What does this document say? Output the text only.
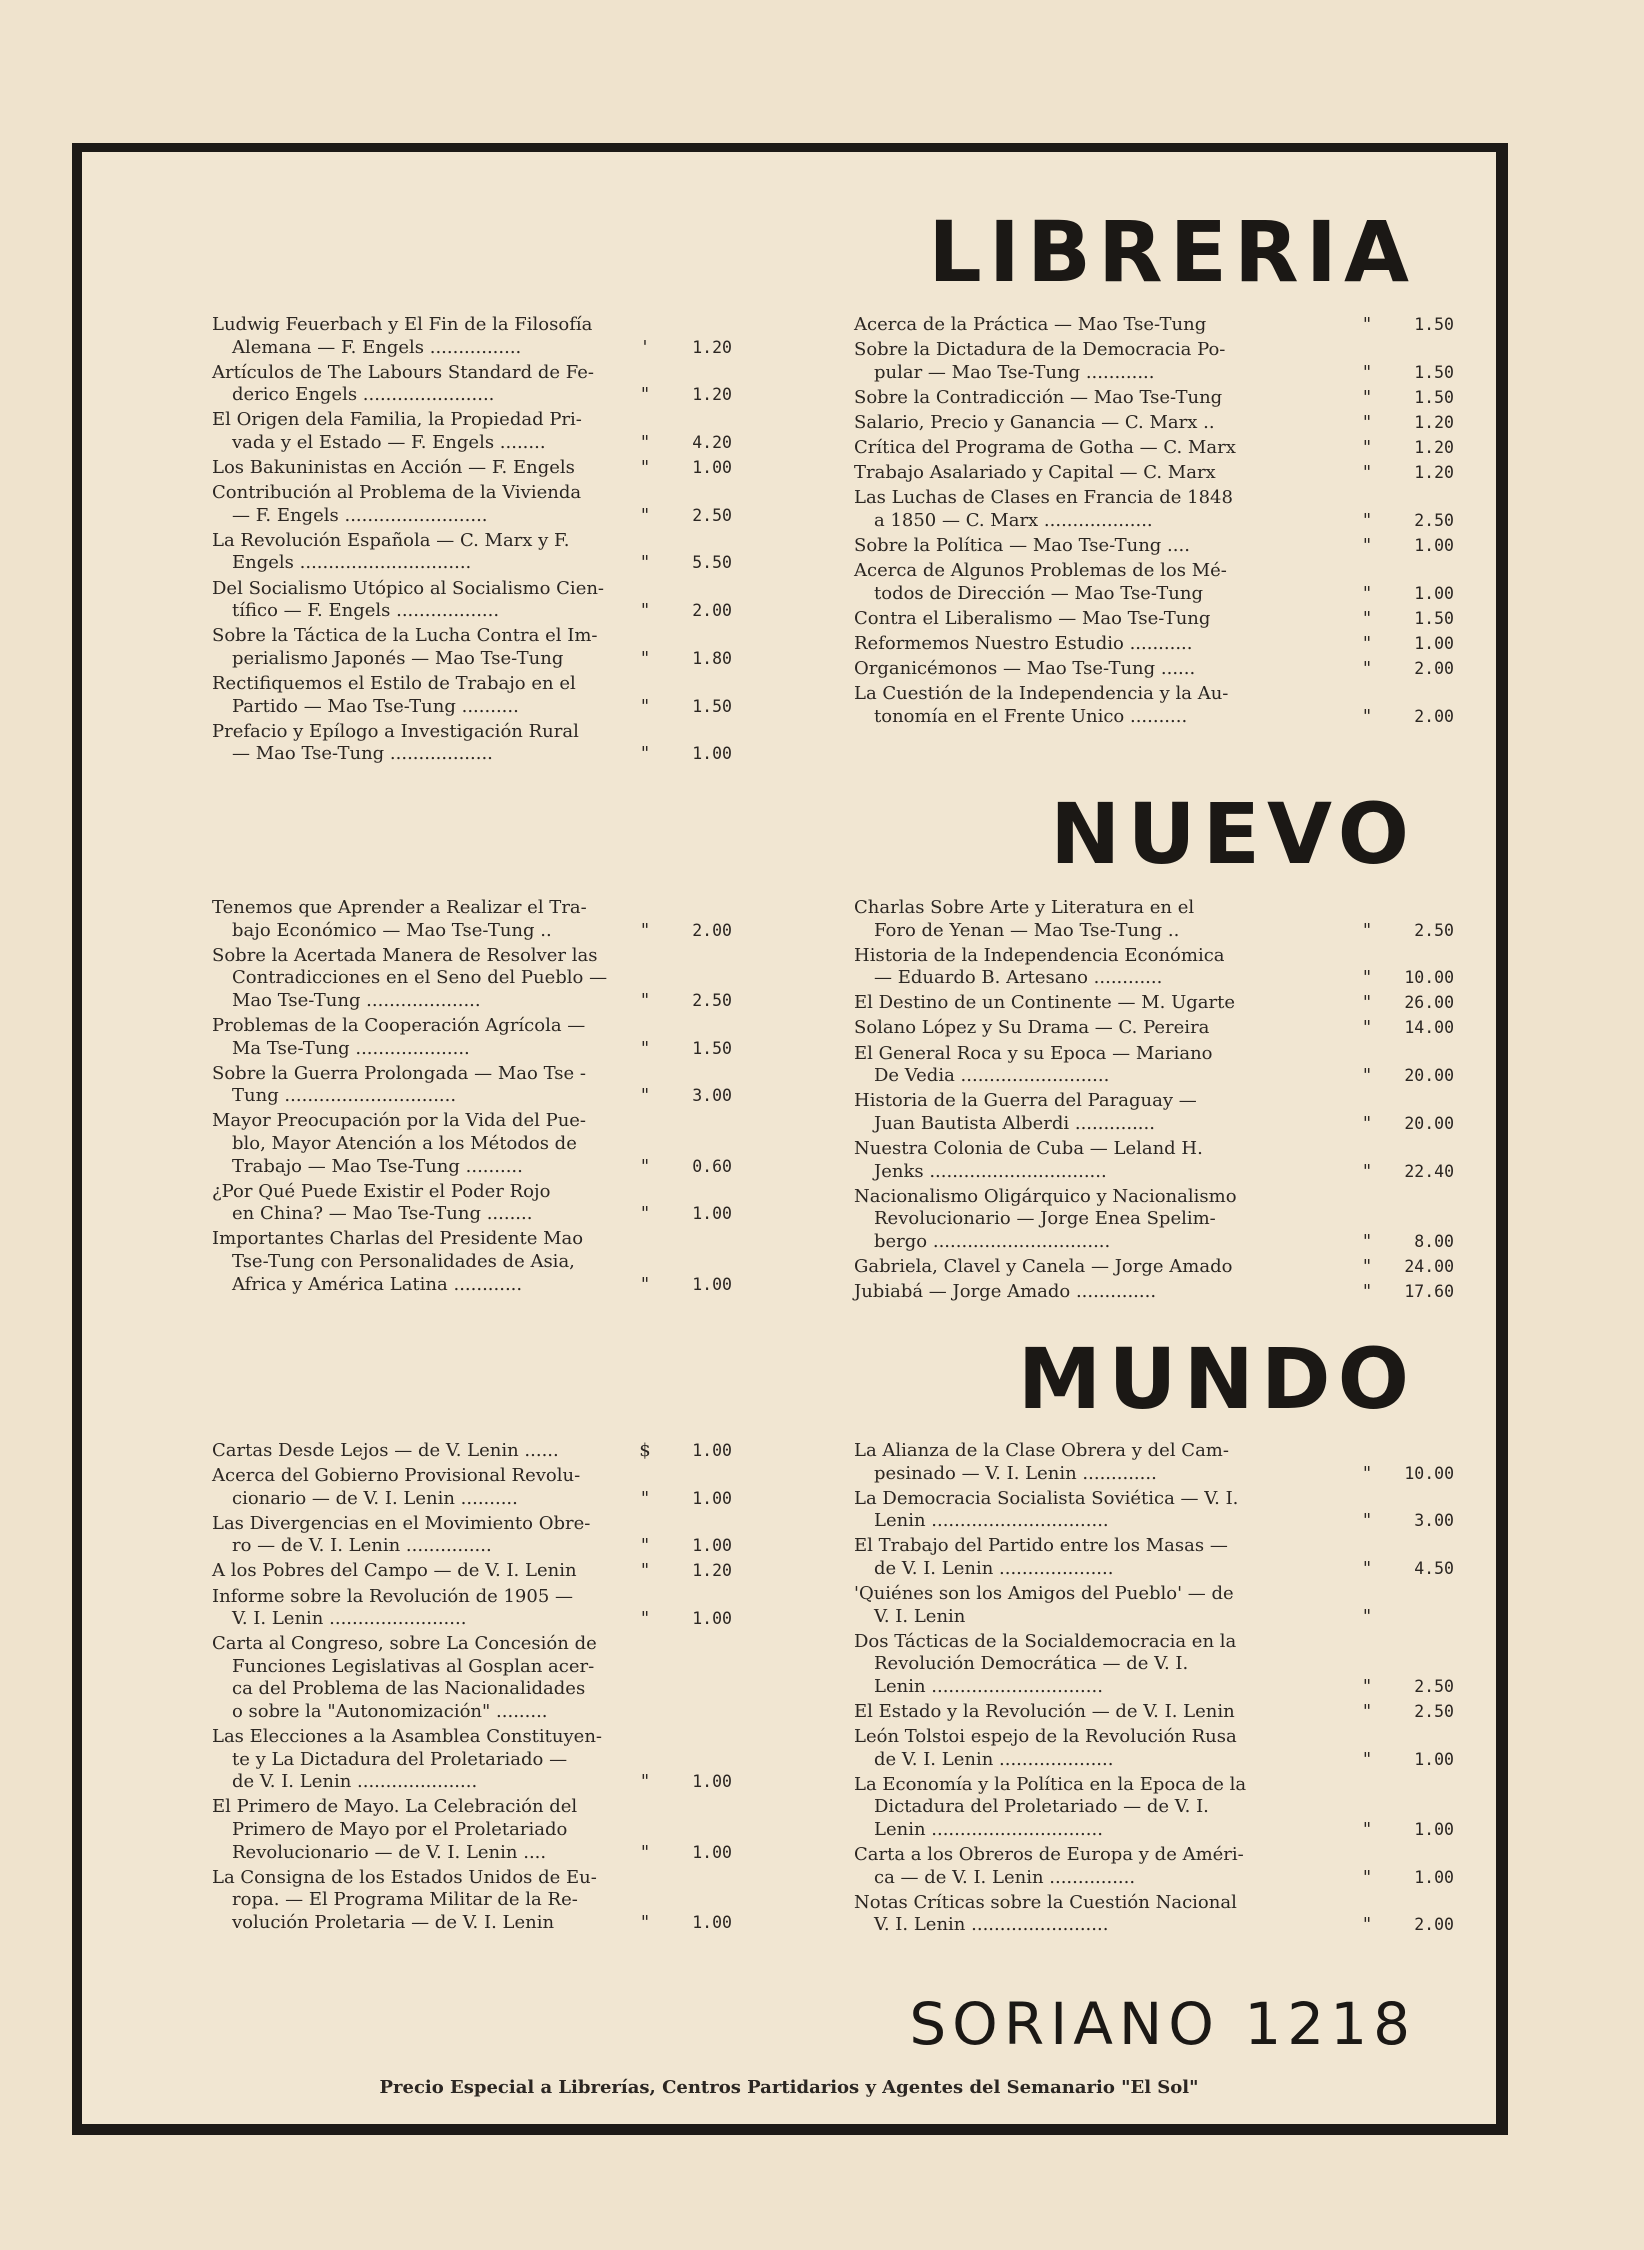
LIBRERIA

Ludwig Feuerbach y El Fin de la Filosofía
Alemana — F. Engels ................	'	1.20

Artículos de The Labours Standard de Fe-
derico Engels .......................	"	1.20

El Origen dela Familia, la Propiedad Pri-
vada y el Estado — F. Engels ........	"	4.20

Los Bakuninistas en Acción — F. Engels	"	1.00

Contribución al Problema de la Vivienda
— F. Engels .........................	"	2.50

La Revolución Española — C. Marx y F.
Engels ..............................	"	5.50

Del Socialismo Utópico al Socialismo Cien-
tífico — F. Engels ..................	"	2.00

Sobre la Táctica de la Lucha Contra el Im-
perialismo Japonés — Mao Tse-Tung	"	1.80

Rectifiquemos el Estilo de Trabajo en el
Partido — Mao Tse-Tung ..........	"	1.50

Prefacio y Epílogo a Investigación Rural
— Mao Tse-Tung ..................	"	1.00

Acerca de la Práctica — Mao Tse-Tung	"	1.50

Sobre la Dictadura de la Democracia Po-
pular — Mao Tse-Tung ............	"	1.50

Sobre la Contradicción — Mao Tse-Tung	"	1.50

Salario, Precio y Ganancia — C. Marx ..	"	1.20

Crítica del Programa de Gotha — C. Marx	"	1.20

Trabajo Asalariado y Capital — C. Marx	"	1.20

Las Luchas de Clases en Francia de 1848
a 1850 — C. Marx ...................	"	2.50

Sobre la Política — Mao Tse-Tung ....	"	1.00

Acerca de Algunos Problemas de los Mé-
todos de Dirección — Mao Tse-Tung	"	1.00

Contra el Liberalismo — Mao Tse-Tung	"	1.50

Reformemos Nuestro Estudio ...........	"	1.00

Organicémonos — Mao Tse-Tung ......	"	2.00

La Cuestión de la Independencia y la Au-
tonomía en el Frente Unico ..........	"	2.00
NUEVO

Tenemos que Aprender a Realizar el Tra-
bajo Económico — Mao Tse-Tung ..	"	2.00

Sobre la Acertada Manera de Resolver las
Contradicciones en el Seno del Pueblo —
Mao Tse-Tung ....................	"	2.50

Problemas de la Cooperación Agrícola —
Ma Tse-Tung ....................	"	1.50

Sobre la Guerra Prolongada — Mao Tse -
Tung ..............................	"	3.00

Mayor Preocupación por la Vida del Pue-
blo, Mayor Atención a los Métodos de
Trabajo — Mao Tse-Tung ..........	"	0.60

¿Por Qué Puede Existir el Poder Rojo
en China? — Mao Tse-Tung ........	"	1.00

Importantes Charlas del Presidente Mao
Tse-Tung con Personalidades de Asia,
Africa y América Latina ............	"	1.00

Charlas Sobre Arte y Literatura en el
Foro de Yenan — Mao Tse-Tung ..	"	2.50

Historia de la Independencia Económica
— Eduardo B. Artesano ............	"	10.00

El Destino de un Continente — M. Ugarte	"	26.00

Solano López y Su Drama — C. Pereira	"	14.00

El General Roca y su Epoca — Mariano
De Vedia ..........................	"	20.00

Historia de la Guerra del Paraguay —
Juan Bautista Alberdi ..............	"	20.00

Nuestra Colonia de Cuba — Leland H.
Jenks ...............................	"	22.40

Nacionalismo Oligárquico y Nacionalismo
Revolucionario — Jorge Enea Spelim-
bergo ...............................	"	8.00

Gabriela, Clavel y Canela — Jorge Amado	"	24.00

Jubiabá — Jorge Amado ..............	"	17.60
MUNDO

Cartas Desde Lejos — de V. Lenin ......	$	1.00

Acerca del Gobierno Provisional Revolu-
cionario — de V. I. Lenin ..........	"	1.00

Las Divergencias en el Movimiento Obre-
ro — de V. I. Lenin ...............	"	1.00

A los Pobres del Campo — de V. I. Lenin	"	1.20

Informe sobre la Revolución de 1905 —
V. I. Lenin ........................	"	1.00

Carta al Congreso, sobre La Concesión de
Funciones Legislativas al Gosplan acer-
ca del Problema de las Nacionalidades
o sobre la "Autonomización" .........

Las Elecciones a la Asamblea Constituyen-
te y La Dictadura del Proletariado —
de V. I. Lenin .....................	"	1.00

El Primero de Mayo. La Celebración del
Primero de Mayo por el Proletariado
Revolucionario — de V. I. Lenin ....	"	1.00

La Consigna de los Estados Unidos de Eu-
ropa. — El Programa Militar de la Re-
volución Proletaria — de V. I. Lenin	"	1.00

La Alianza de la Clase Obrera y del Cam-
pesinado — V. I. Lenin .............	"	10.00

La Democracia Socialista Soviética — V. I.
Lenin ...............................	"	3.00

El Trabajo del Partido entre los Masas —
de V. I. Lenin ....................	"	4.50

'Quiénes son los Amigos del Pueblo' — de
V. I. Lenin	"

Dos Tácticas de la Socialdemocracia en la
Revolución Democrática — de V. I.
Lenin ..............................	"	2.50

El Estado y la Revolución — de V. I. Lenin	"	2.50

León Tolstoi espejo de la Revolución Rusa
de V. I. Lenin ....................	"	1.00

La Economía y la Política en la Epoca de la
Dictadura del Proletariado — de V. I.
Lenin ..............................	"	1.00

Carta a los Obreros de Europa y de Améri-
ca — de V. I. Lenin ...............	"	1.00

Notas Críticas sobre la Cuestión Nacional
V. I. Lenin ........................	"	2.00

SORIANO 1218

Precio Especial a Librerías, Centros Partidarios y Agentes del Semanario "El Sol"
